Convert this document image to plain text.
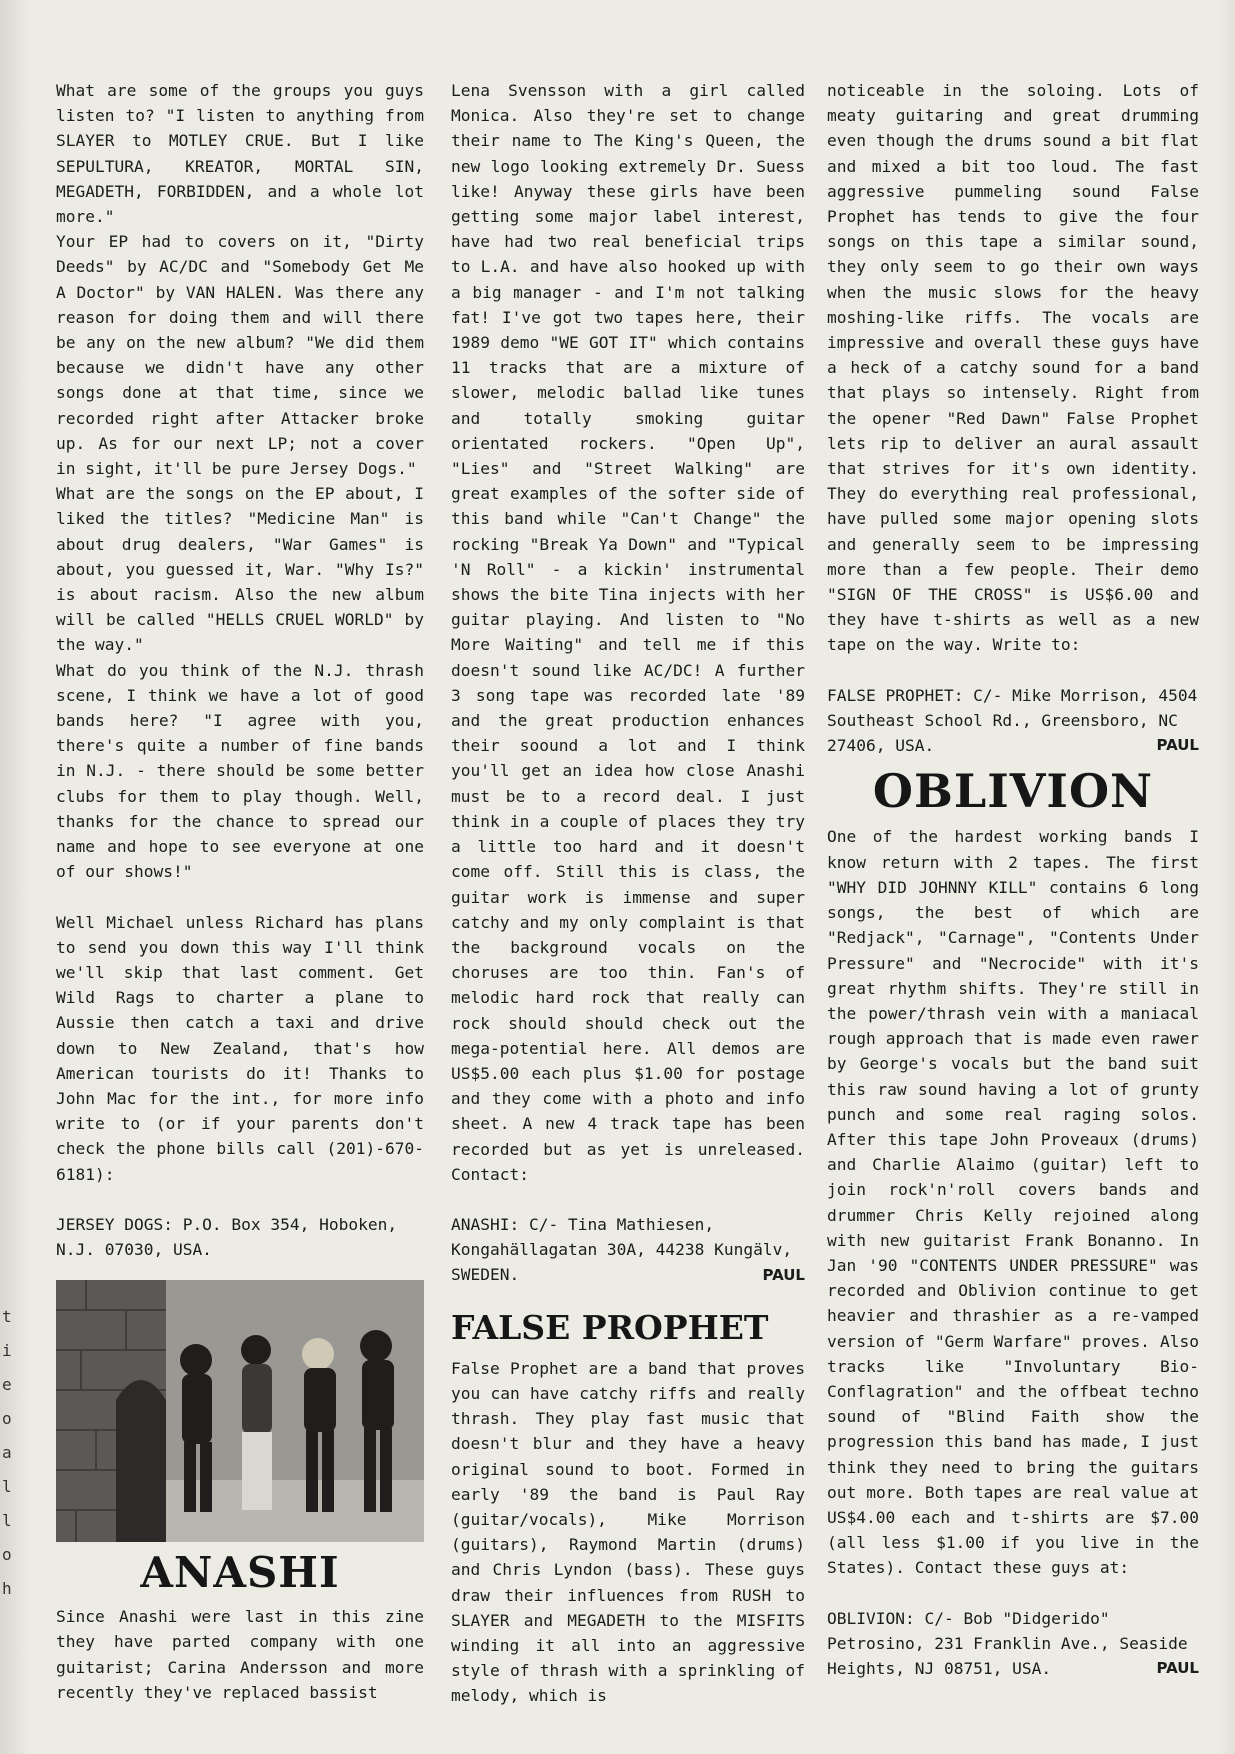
t
i
e
o
a
l
l
o
h

What are some of the groups you guys listen to? "I listen to anything from SLAYER to MOTLEY CRUE. But I like SEPULTURA, KREATOR, MORTAL SIN, MEGADETH, FORBIDDEN, and a whole lot more."

Your EP had to covers on it, "Dirty Deeds" by AC/DC and "Somebody Get Me A Doctor" by VAN HALEN. Was there any reason for doing them and will there be any on the new album? "We did them because we didn't have any other songs done at that time, since we recorded right after Attacker broke up. As for our next LP; not a cover in sight, it'll be pure Jersey Dogs."

What are the songs on the EP about, I liked the titles? "Medicine Man" is about drug dealers, "War Games" is about, you guessed it, War. "Why Is?" is about racism. Also the new album will be called "HELLS CRUEL WORLD" by the way."

What do you think of the N.J. thrash scene, I think we have a lot of good bands here? "I agree with you, there's quite a number of fine bands in N.J. - there should be some better clubs for them to play though. Well, thanks for the chance to spread our name and hope to see everyone at one of our shows!"

Well Michael unless Richard has plans to send you down this way I'll think we'll skip that last comment. Get Wild Rags to charter a plane to Aussie then catch a taxi and drive down to New Zealand, that's how American tourists do it! Thanks to John Mac for the int., for more info write to (or if your parents don't check the phone bills call (201)-670-6181):

JERSEY DOGS: P.O. Box 354, Hoboken, N.J. 07030, USA.

ANASHI

Since Anashi were last in this zine they have parted company with one guitarist; Carina Andersson and more recently they've replaced bassist

Lena Svensson with a girl called Monica. Also they're set to change their name to The King's Queen, the new logo looking extremely Dr. Suess like! Anyway these girls have been getting some major label interest, have had two real beneficial trips to L.A. and have also hooked up with a big manager - and I'm not talking fat! I've got two tapes here, their 1989 demo "WE GOT IT" which contains 11 tracks that are a mixture of slower, melodic ballad like tunes and totally smoking guitar orientated rockers. "Open Up", "Lies" and "Street Walking" are great examples of the softer side of this band while "Can't Change" the rocking "Break Ya Down" and "Typical 'N Roll" - a kickin' instrumental shows the bite Tina injects with her guitar playing. And listen to "No More Waiting" and tell me if this doesn't sound like AC/DC! A further 3 song tape was recorded late '89 and the great production enhances their soound a lot and I think you'll get an idea how close Anashi must be to a record deal. I just think in a couple of places they try a little too hard and it doesn't come off. Still this is class, the guitar work is immense and super catchy and my only complaint is that the background vocals on the choruses are too thin. Fan's of melodic hard rock that really can rock should should check out the mega-potential here. All demos are US$5.00 each plus $1.00 for postage and they come with a photo and info sheet. A new 4 track tape has been recorded but as yet is unreleased. Contact:

ANASHI: C/- Tina Mathiesen, Kongahällagatan 30A, 44238 Kungälv, SWEDEN.	PAUL

FALSE PROPHET

False Prophet are a band that proves you can have catchy riffs and really thrash. They play fast music that doesn't blur and they have a heavy original sound to boot. Formed in early '89 the band is Paul Ray (guitar/vocals), Mike Morrison (guitars), Raymond Martin (drums) and Chris Lyndon (bass). These guys draw their influences from RUSH to SLAYER and MEGADETH to the MISFITS winding it all into an aggressive style of thrash with a sprinkling of melody, which is

noticeable in the soloing. Lots of meaty guitaring and great drumming even though the drums sound a bit flat and mixed a bit too loud. The fast aggressive pummeling sound False Prophet has tends to give the four songs on this tape a similar sound, they only seem to go their own ways when the music slows for the heavy moshing-like riffs. The vocals are impressive and overall these guys have a heck of a catchy sound for a band that plays so intensely. Right from the opener "Red Dawn" False Prophet lets rip to deliver an aural assault that strives for it's own identity. They do everything real professional, have pulled some major opening slots and generally seem to be impressing more than a few people. Their demo "SIGN OF THE CROSS" is US$6.00 and they have t-shirts as well as a new tape on the way. Write to:

FALSE PROPHET: C/- Mike Morrison, 4504 Southeast School Rd., Greensboro, NC 27406, USA.	PAUL

OBLIVION

One of the hardest working bands I know return with 2 tapes. The first "WHY DID JOHNNY KILL" contains 6 long songs, the best of which are "Redjack", "Carnage", "Contents Under Pressure" and "Necrocide" with it's great rhythm shifts. They're still in the power/thrash vein with a maniacal rough approach that is made even rawer by George's vocals but the band suit this raw sound having a lot of grunty punch and some real raging solos. After this tape John Proveaux (drums) and Charlie Alaimo (guitar) left to join rock'n'roll covers bands and drummer Chris Kelly rejoined along with new guitarist Frank Bonanno. In Jan '90 "CONTENTS UNDER PRESSURE" was recorded and Oblivion continue to get heavier and thrashier as a re-vamped version of "Germ Warfare" proves. Also tracks like "Involuntary Bio-Conflagration" and the offbeat techno sound of "Blind Faith show the progression this band has made, I just think they need to bring the guitars out more. Both tapes are real value at US$4.00 each and t-shirts are $7.00 (all less $1.00 if you live in the States). Contact these guys at:

OBLIVION: C/- Bob "Didgerido" Petrosino, 231 Franklin Ave., Seaside Heights, NJ 08751, USA.	PAUL
